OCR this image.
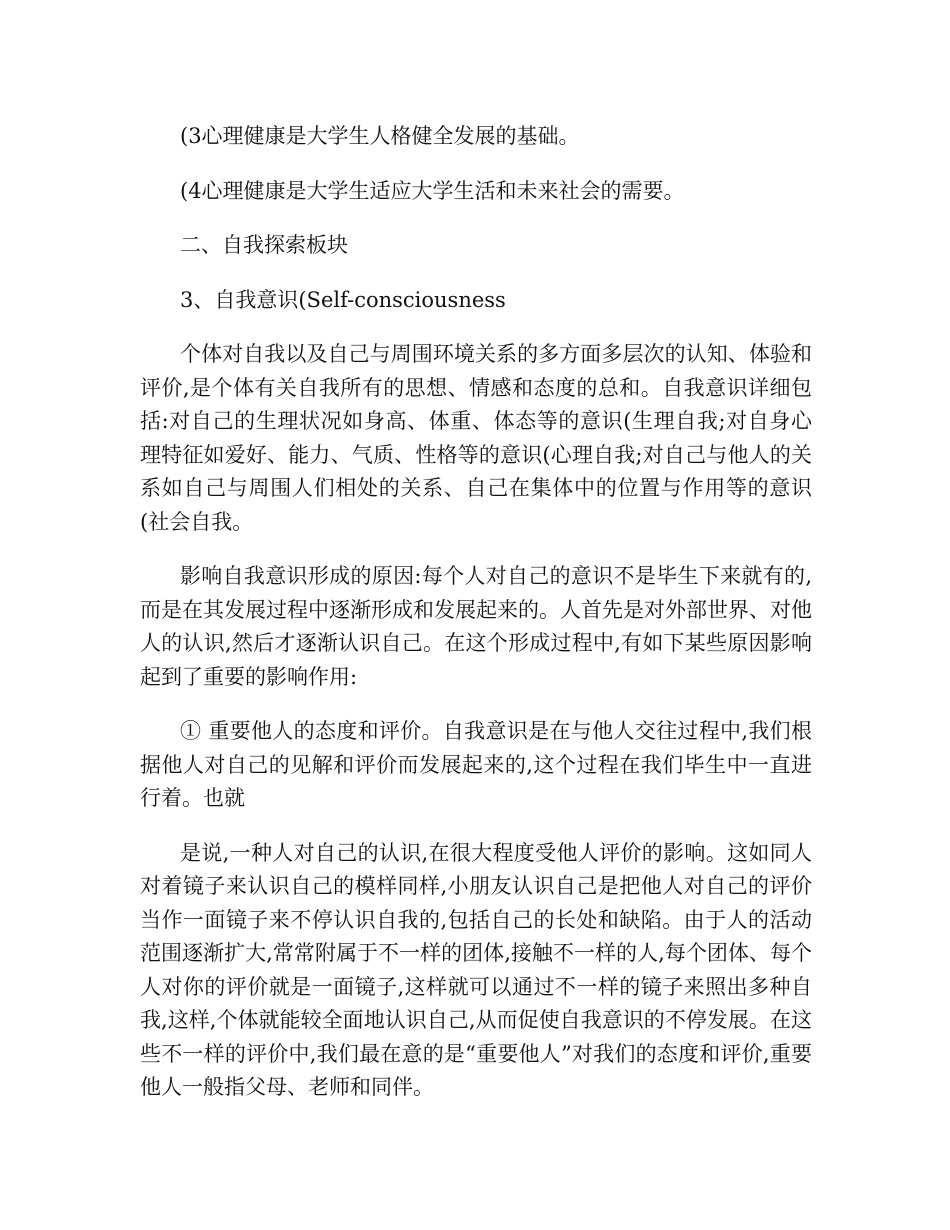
(3心理健康是大学生人格健全发展的基础。

(4心理健康是大学生适应大学生活和未来社会的需要。

二、自我探索板块

3、自我意识(Self-consciousness

个体对自我以及自己与周围环境关系的多方面多层次的认知、体验和评价,是个体有关自我所有的思想、情感和态度的总和。自我意识详细包括:对自己的生理状况如身高、体重、体态等的意识(生理自我;对自身心理特征如爱好、能力、气质、性格等的意识(心理自我;对自己与他人的关系如自己与周围人们相处的关系、自己在集体中的位置与作用等的意识(社会自我。

影响自我意识形成的原因:每个人对自己的意识不是毕生下来就有的,而是在其发展过程中逐渐形成和发展起来的。人首先是对外部世界、对他人的认识,然后才逐渐认识自己。在这个形成过程中,有如下某些原因影响起到了重要的影响作用:

① 重要他人的态度和评价。自我意识是在与他人交往过程中,我们根据他人对自己的见解和评价而发展起来的,这个过程在我们毕生中一直进行着。也就

是说,一种人对自己的认识,在很大程度受他人评价的影响。这如同人对着镜子来认识自己的模样同样,小朋友认识自己是把他人对自己的评价当作一面镜子来不停认识自我的,包括自己的长处和缺陷。由于人的活动范围逐渐扩大,常常附属于不一样的团体,接触不一样的人,每个团体、每个人对你的评价就是一面镜子,这样就可以通过不一样的镜子来照出多种自我,这样,个体就能较全面地认识自己,从而促使自我意识的不停发展。在这些不一样的评价中,我们最在意的是“重要他人”对我们的态度和评价,重要他人一般指父母、老师和同伴。
